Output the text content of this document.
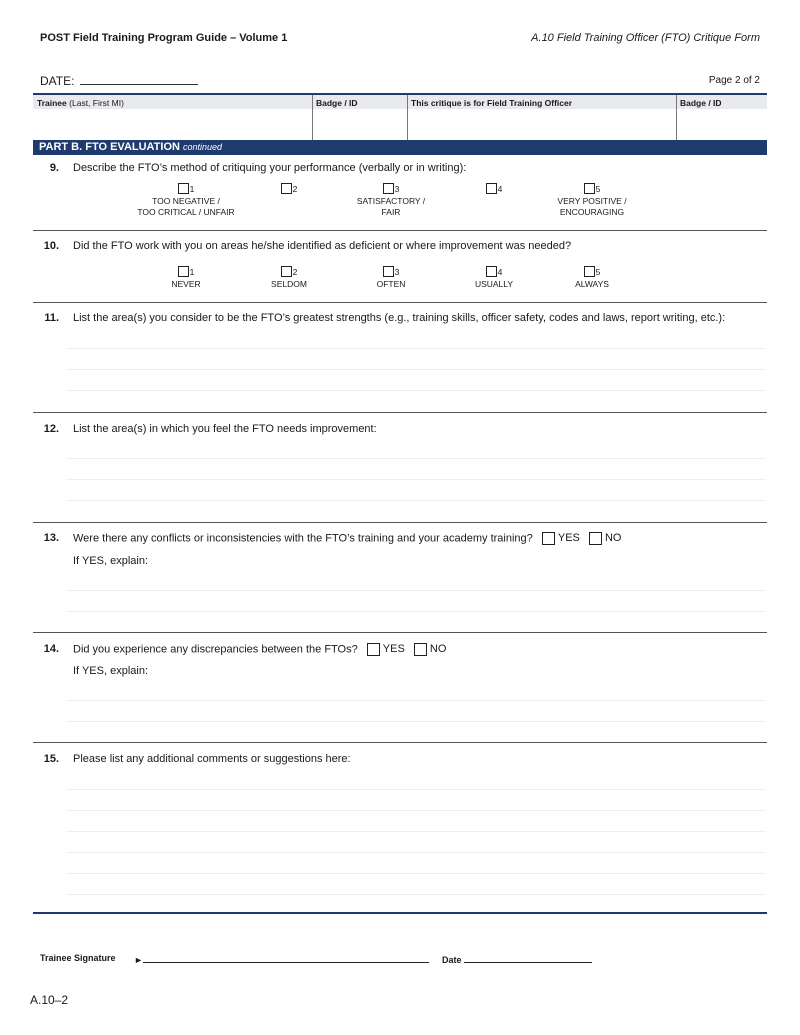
POST Field Training Program Guide – Volume 1	A.10 Field Training Officer (FTO) Critique Form
DATE:	Page 2 of 2
Trainee (Last, First MI)	Badge / ID	This critique is for Field Training Officer	Badge / ID
PART B. FTO EVALUATION continued
9. Describe the FTO’s method of critiquing your performance (verbally or in writing):
1
TOO NEGATIVE /
TOO CRITICAL / UNFAIR
2	3
SATISFACTORY /
FAIR
4	5
VERY POSITIVE /
ENCOURAGING
10. Did the FTO work with you on areas he/she identified as deficient or where improvement was needed?
1
NEVER
2
SELDOM
3
OFTEN
4
USUALLY
5
ALWAYS
11. List the area(s) you consider to be the FTO’s greatest strengths (e.g., training skills, officer safety, codes and laws, report writing, etc.):
12. List the area(s) in which you feel the FTO needs improvement:
13. Were there any conflicts or inconsistencies with the FTO’s training and your academy training? YES NO
If YES, explain:
14. Did you experience any discrepancies between the FTOs? YES NO
If YES, explain:
15. Please list any additional comments or suggestions here:
Trainee Signature ►	Date
A.10–2
